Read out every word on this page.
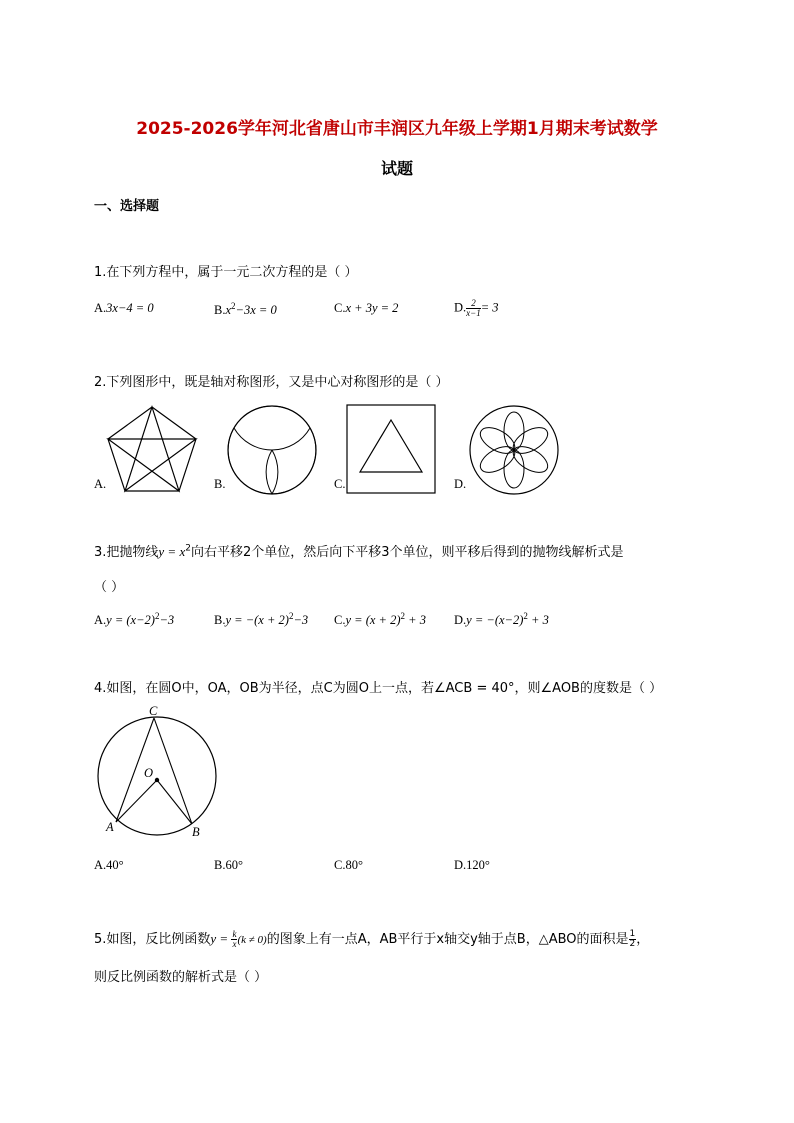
2025-2026学年河北省唐山市丰润区九年级上学期1月期末考试数学
试题
一、选择题
1.在下列方程中，属于一元二次方程的是（ ）
A.3x−4 = 0	$B.x^2-3x = 0$	C.x + 3y = 2	D. $\frac{2}{x-1} = 3$
2.下列图形中，既是轴对称图形，又是中心对称图形的是（ ）
A.	B.	C.	D.
3.把抛物线$y = x^2$向右平移2个单位，然后向下平移3个单位，则平移后得到的抛物线解析式是
（ ）
$A.y = (x-2)^2-3$	$B.y = -(x + 2)^2-3$ $C.y = (x + 2)^2 + 3$ $D.y = -(x-2)^2 + 3$
4.如图，在圆O中，OA，OB为半径，点C为圆O上一点，若∠ACB = 40°，则∠AOB的度数是（ ）
C
O
A	B
A.40°	B.60°	C.80°	D.120°
5.如图，反比例函数$y = \frac{k}{x} (k \ne 0)$的图象上有一点A，AB平行于x轴交y轴于点B，△ABO的面积是 $\frac{1}{2}$ ，
则反比例函数的解析式是（ ）
